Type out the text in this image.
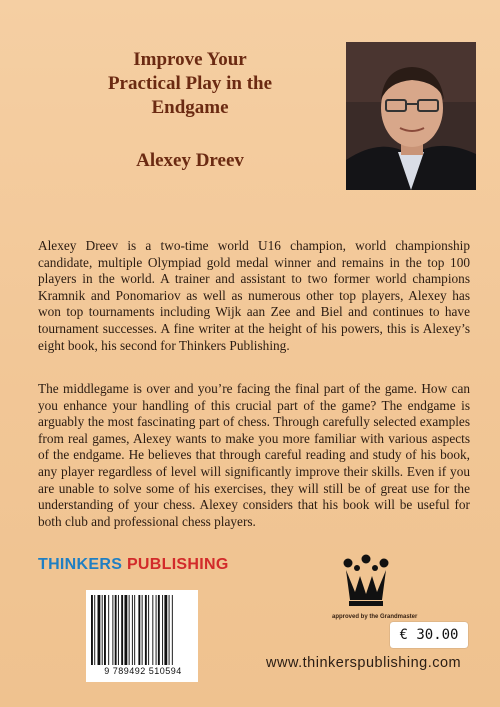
Improve Your

Practical Play in the

Endgame

Alexey Dreev

Alexey Dreev is a two-time world U16 champion, world championship candidate, multiple Olympiad gold medal winner and remains in the top 100 players in the world. A trainer and assistant to two former world champions Kramnik and Ponomariov as well as numerous other top players, Alexey has won top tournaments including Wijk aan Zee and Biel and continues to have tournament successes. A fine writer at the height of his powers, this is Alexey’s eight book, his second for Thinkers Publishing.

The middlegame is over and you’re facing the final part of the game. How can you enhance your handling of this crucial part of the game? The endgame is arguably the most fascinating part of chess. Through carefully selected examples from real games, Alexey wants to make you more familiar with various aspects of the endgame. He believes that through careful reading and study of his book, any player regardless of level will significantly improve their skills. Even if you are unable to solve some of his exercises, they will still be of great use for the understanding of your chess. Alexey considers that his book will be useful for both club and professional chess players.

THINKERS PUBLISHING
approved by the Grandmaster
€ 30.00
9 789492 510594	www.thinkerspublishing.com
